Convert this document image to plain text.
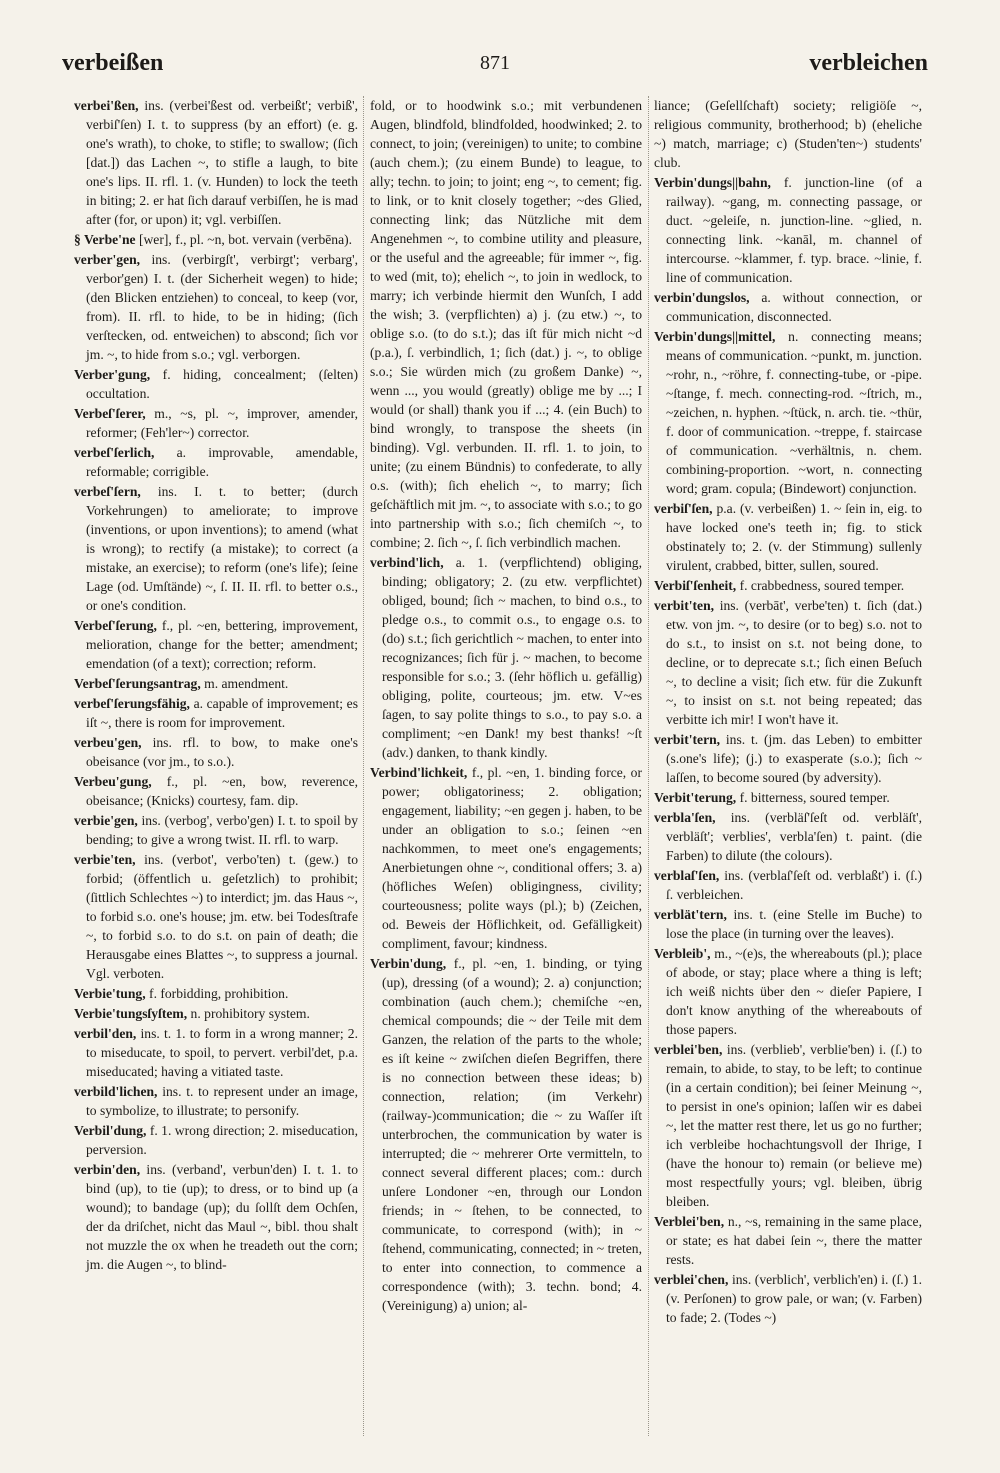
verbeißen	871	verbleichen

verbei'ßen, ins. (verbei'ßest od. verbeißt'; verbiß', verbiſ'ſen) I. t. to suppress (by an effort) (e. g. one's wrath), to choke, to stifle; to swallow; (ſich [dat.]) das Lachen ~, to stifle a laugh, to bite one's lips. II. rfl. 1. (v. Hunden) to lock the teeth in biting; 2. er hat ſich darauf verbiſſen, he is mad after (for, or upon) it; vgl. verbiſſen.

§ Verbe'ne [wer], f., pl. ~n, bot. vervain (verbēna).

verber'gen, ins. (verbirgſt', verbirgt'; verbarg', verbor'gen) I. t. (der Sicherheit wegen) to hide; (den Blicken entziehen) to conceal, to keep (vor, from). II. rfl. to hide, to be in hiding; (ſich verſtecken, od. entweichen) to abscond; ſich vor jm. ~, to hide from s.o.; vgl. verborgen.

Verber'gung, f. hiding, concealment; (ſelten) occultation.

Verbeſ'ſerer, m., ~s, pl. ~, improver, amender, reformer; (Feh'ler~) corrector.

verbeſ'ſerlich, a. improvable, amendable, reformable; corrigible.

verbeſ'ſern, ins. I. t. to better; (durch Vorkehrungen) to ameliorate; to improve (inventions, or upon inventions); to amend (what is wrong); to rectify (a mistake); to correct (a mistake, an exercise); to reform (one's life); ſeine Lage (od. Umſtände) ~, ſ. II. II. rfl. to better o.s., or one's condition.

Verbeſ'ſerung, f., pl. ~en, bettering, improvement, melioration, change for the better; amendment; emendation (of a text); correction; reform.

Verbeſ'ſerungsantrag, m. amendment.

verbeſ'ſerungsfähig, a. capable of improvement; es iſt ~, there is room for improvement.

verbeu'gen, ins. rfl. to bow, to make one's obeisance (vor jm., to s.o.).

Verbeu'gung, f., pl. ~en, bow, reverence, obeisance; (Knicks) courtesy, fam. dip.

verbie'gen, ins. (verbog', verbo'gen) I. t. to spoil by bending; to give a wrong twist. II. rfl. to warp.

verbie'ten, ins. (verbot', verbo'ten) t. (gew.) to forbid; (öffentlich u. geſetzlich) to prohibit; (ſittlich Schlechtes ~) to interdict; jm. das Haus ~, to forbid s.o. one's house; jm. etw. bei Todesſtrafe ~, to forbid s.o. to do s.t. on pain of death; die Herausgabe eines Blattes ~, to suppress a journal. Vgl. verboten.

Verbie'tung, f. forbidding, prohibition.

Verbie'tungsſyſtem, n. prohibitory system.

verbil'den, ins. t. 1. to form in a wrong manner; 2. to miseducate, to spoil, to pervert. verbil'det, p.a. miseducated; having a vitiated taste.

verbild'lichen, ins. t. to represent under an image, to symbolize, to illustrate; to personify.

Verbil'dung, f. 1. wrong direction; 2. miseducation, perversion.

verbin'den, ins. (verband', verbun'den) I. t. 1. to bind (up), to tie (up); to dress, or to bind up (a wound); to bandage (up); du ſollſt dem Ochſen, der da driſchet, nicht das Maul ~, bibl. thou shalt not muzzle the ox when he treadeth out the corn; jm. die Augen ~, to blind-

fold, or to hoodwink s.o.; mit verbundenen Augen, blindfold, blindfolded, hoodwinked; 2. to connect, to join; (vereinigen) to unite; to combine (auch chem.); (zu einem Bunde) to league, to ally; techn. to join; to joint; eng ~, to cement; fig. to link, or to knit closely together; ~des Glied, connecting link; das Nützliche mit dem Angenehmen ~, to combine utility and pleasure, or the useful and the agreeable; für immer ~, fig. to wed (mit, to); ehelich ~, to join in wedlock, to marry; ich verbinde hiermit den Wunſch, I add the wish; 3. (verpflichten) a) j. (zu etw.) ~, to oblige s.o. (to do s.t.); das iſt für mich nicht ~d (p.a.), ſ. verbindlich, 1; ſich (dat.) j. ~, to oblige s.o.; Sie würden mich (zu großem Danke) ~, wenn ..., you would (greatly) oblige me by ...; I would (or shall) thank you if ...; 4. (ein Buch) to bind wrongly, to transpose the sheets (in binding). Vgl. verbunden. II. rfl. 1. to join, to unite; (zu einem Bündnis) to confederate, to ally o.s. (with); ſich ehelich ~, to marry; ſich geſchäftlich mit jm. ~, to associate with s.o.; to go into partnership with s.o.; ſich chemiſch ~, to combine; 2. ſich ~, ſ. ſich verbindlich machen.

verbind'lich, a. 1. (verpflichtend) obliging, binding; obligatory; 2. (zu etw. verpflichtet) obliged, bound; ſich ~ machen, to bind o.s., to pledge o.s., to commit o.s., to engage o.s. to (do) s.t.; ſich gerichtlich ~ machen, to enter into recognizances; ſich für j. ~ machen, to become responsible for s.o.; 3. (ſehr höflich u. gefällig) obliging, polite, courteous; jm. etw. V~es ſagen, to say polite things to s.o., to pay s.o. a compliment; ~en Dank! my best thanks! ~ſt (adv.) danken, to thank kindly.

Verbind'lichkeit, f., pl. ~en, 1. binding force, or power; obligatoriness; 2. obligation; engagement, liability; ~en gegen j. haben, to be under an obligation to s.o.; ſeinen ~en nachkommen, to meet one's engagements; Anerbietungen ohne ~, conditional offers; 3. a) (höfliches Weſen) obligingness, civility; courteousness; polite ways (pl.); b) (Zeichen, od. Beweis der Höflichkeit, od. Gefälligkeit) compliment, favour; kindness.

Verbin'dung, f., pl. ~en, 1. binding, or tying (up), dressing (of a wound); 2. a) conjunction; combination (auch chem.); chemiſche ~en, chemical compounds; die ~ der Teile mit dem Ganzen, the relation of the parts to the whole; es iſt keine ~ zwiſchen dieſen Begriffen, there is no connection between these ideas; b) connection, relation; (im Verkehr) (railway-)communication; die ~ zu Waſſer iſt unterbrochen, the communication by water is interrupted; die ~ mehrerer Orte vermitteln, to connect several different places; com.: durch unſere Londoner ~en, through our London friends; in ~ ſtehen, to be connected, to communicate, to correspond (with); in ~ ſtehend, communicating, connected; in ~ treten, to enter into connection, to commence a correspondence (with); 3. techn. bond; 4. (Vereinigung) a) union; al-

liance; (Geſellſchaft) society; religiöſe ~, religious community, brotherhood; b) (eheliche ~) match, marriage; c) (Studen'ten~) students' club.

Verbin'dungs||bahn, f. junction-line (of a railway). ~gang, m. connecting passage, or duct. ~geleiſe, n. junction-line. ~glied, n. connecting link. ~kanāl, m. channel of intercourse. ~klammer, f. typ. brace. ~linie, f. line of communication.

verbin'dungslos, a. without connection, or communication, disconnected.

Verbin'dungs||mittel, n. connecting means; means of communication. ~punkt, m. junction. ~rohr, n., ~röhre, f. connecting-tube, or -pipe. ~ſtange, f. mech. connecting-rod. ~ſtrich, m., ~zeichen, n. hyphen. ~ſtück, n. arch. tie. ~thür, f. door of communication. ~treppe, f. staircase of communication. ~verhältnis, n. chem. combining-proportion. ~wort, n. connecting word; gram. copula; (Bindewort) conjunction.

verbiſ'ſen, p.a. (v. verbeißen) 1. ~ ſein in, eig. to have locked one's teeth in; fig. to stick obstinately to; 2. (v. der Stimmung) sullenly virulent, crabbed, bitter, sullen, soured.

Verbiſ'ſenheit, f. crabbedness, soured temper.

verbit'ten, ins. (verbāt', verbe'ten) t. ſich (dat.) etw. von jm. ~, to desire (or to beg) s.o. not to do s.t., to insist on s.t. not being done, to decline, or to deprecate s.t.; ſich einen Beſuch ~, to decline a visit; ſich etw. für die Zukunft ~, to insist on s.t. not being repeated; das verbitte ich mir! I won't have it.

verbit'tern, ins. t. (jm. das Leben) to embitter (s.one's life); (j.) to exasperate (s.o.); ſich ~ laſſen, to become soured (by adversity).

Verbit'terung, f. bitterness, soured temper.

verbla'ſen, ins. (verbläſ'ſeſt od. verbläſt', verbläſt'; verblies', verbla'ſen) t. paint. (die Farben) to dilute (the colours).

verblaſ'ſen, ins. (verblaſ'ſeſt od. verblaßt') i. (ſ.) ſ. verbleichen.

verblät'tern, ins. t. (eine Stelle im Buche) to lose the place (in turning over the leaves).

Verbleib', m., ~(e)s, the whereabouts (pl.); place of abode, or stay; place where a thing is left; ich weiß nichts über den ~ dieſer Papiere, I don't know anything of the whereabouts of those papers.

verblei'ben, ins. (verblieb', verblie'ben) i. (ſ.) to remain, to abide, to stay, to be left; to continue (in a certain condition); bei ſeiner Meinung ~, to persist in one's opinion; laſſen wir es dabei ~, let the matter rest there, let us go no further; ich verbleibe hochachtungsvoll der Ihrige, I (have the honour to) remain (or believe me) most respectfully yours; vgl. bleiben, übrig bleiben.

Verblei'ben, n., ~s, remaining in the same place, or state; es hat dabei ſein ~, there the matter rests.

verblei'chen, ins. (verblich', verblich'en) i. (ſ.) 1. (v. Perſonen) to grow pale, or wan; (v. Farben) to fade; 2. (Todes ~)
